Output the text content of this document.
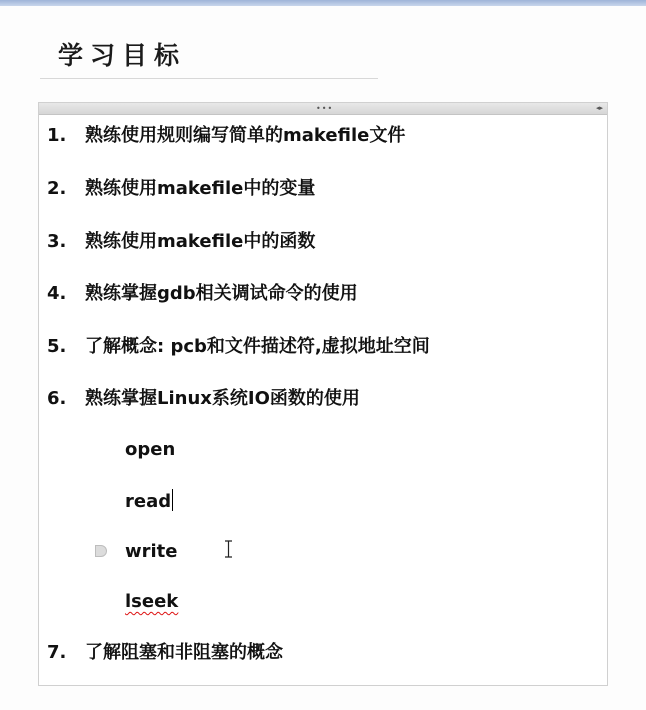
学习目标
•••	◂▸
1. 熟练使用规则编写简单的makefile文件
2. 熟练使用makefile中的变量
3. 熟练使用makefile中的函数
4. 熟练掌握gdb相关调试命令的使用
5. 了解概念: pcb和文件描述符,虚拟地址空间
6. 熟练掌握Linux系统IO函数的使用
open
read
write
lseek
7. 了解阻塞和非阻塞的概念
